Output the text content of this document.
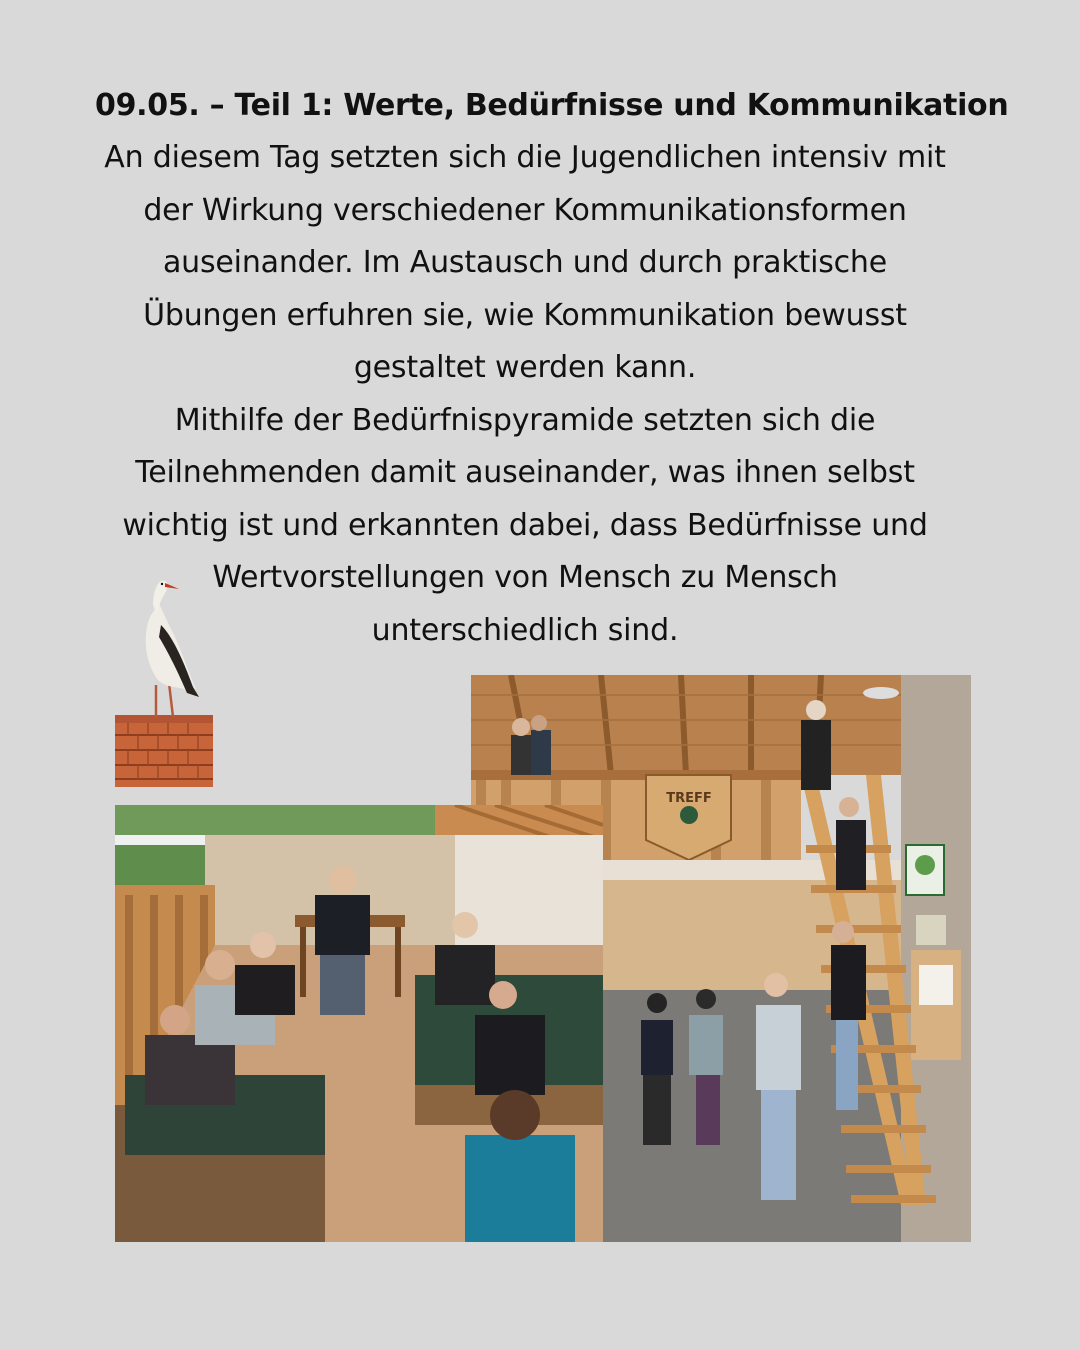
09.05. – Teil 1: Werte, Bedürfnisse und Kommunikation

An diesem Tag setzten sich die Jugendlichen intensiv mit
der Wirkung verschiedener Kommunikationsformen
auseinander. Im Austausch und durch praktische
Übungen erfuhren sie, wie Kommunikation bewusst
gestaltet werden kann.

Mithilfe der Bedürfnispyramide setzten sich die
Teilnehmenden damit auseinander, was ihnen selbst
wichtig ist und erkannten dabei, dass Bedürfnisse und
Wertvorstellungen von Mensch zu Mensch
unterschiedlich sind.

TREFF
